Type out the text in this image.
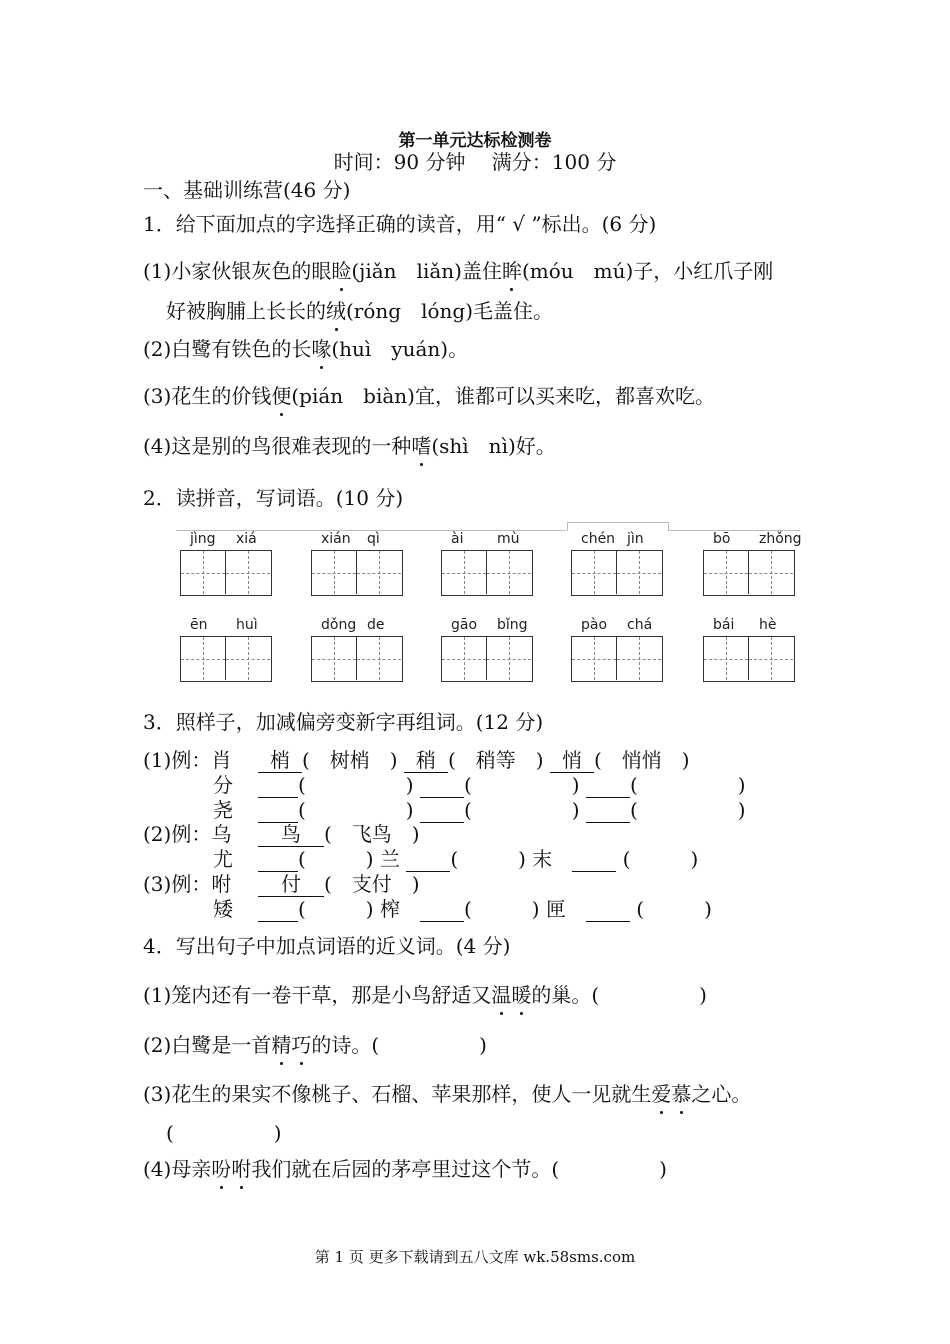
第一单元达标检测卷
时间：90 分钟　 满分：100 分
一、基础训练营(46 分)
1．给下面加点的字选择正确的读音，用“ √ ”标出。(6 分)
(1)小家伙银灰色的眼睑(jiǎn　liǎn)盖住眸(móu　mú)子，小红爪子刚
好被胸脯上长长的绒(róng　lóng)毛盖住。
(2)白鹭有铁色的长喙(huì　yuán)。
(3)花生的价钱便(pián　biàn)宜，谁都可以买来吃，都喜欢吃。
(4)这是别的鸟很难表现的一种嗜(shì　nì)好。
2．读拼音，写词语。(10 分)
jìng xiá	xián qì	ài mù	chén jìn	bō zhǒng
ēn huì	dǒng de	gāo bǐng	pào chá	bái hè
3．照样子，加减偏旁变新字再组词。(12 分)
(1)例：肖	梢 (　树梢　) 稍 (　稍等　) 悄 (　悄悄　)
分	(　　　　　)  (　　　　　)  (　　　　　)
尧	(　　　　　)  (　　　　　)  (　　　　　)
(2)例：乌	鸟 (　飞鸟　)
尤	(　　　) 兰	(　　　) 末　	(　　　)
(3)例：咐	付 (　支付　)
矮	(　　　) 榨　	(　　　) 匣　	(　　　)
4．写出句子中加点词语的近义词。(4 分)
(1)笼内还有一卷干草，那是小鸟舒适又温暖的巢。(　　　　　)
(2)白鹭是一首精巧的诗。(　　　　　)
(3)花生的果实不像桃子、石榴、苹果那样，使人一见就生爱慕之心。
(　　　　　)
(4)母亲吩咐我们就在后园的茅亭里过这个节。(　　　　　)
第 1 页 更多下载请到五八文库 wk.58sms.com
